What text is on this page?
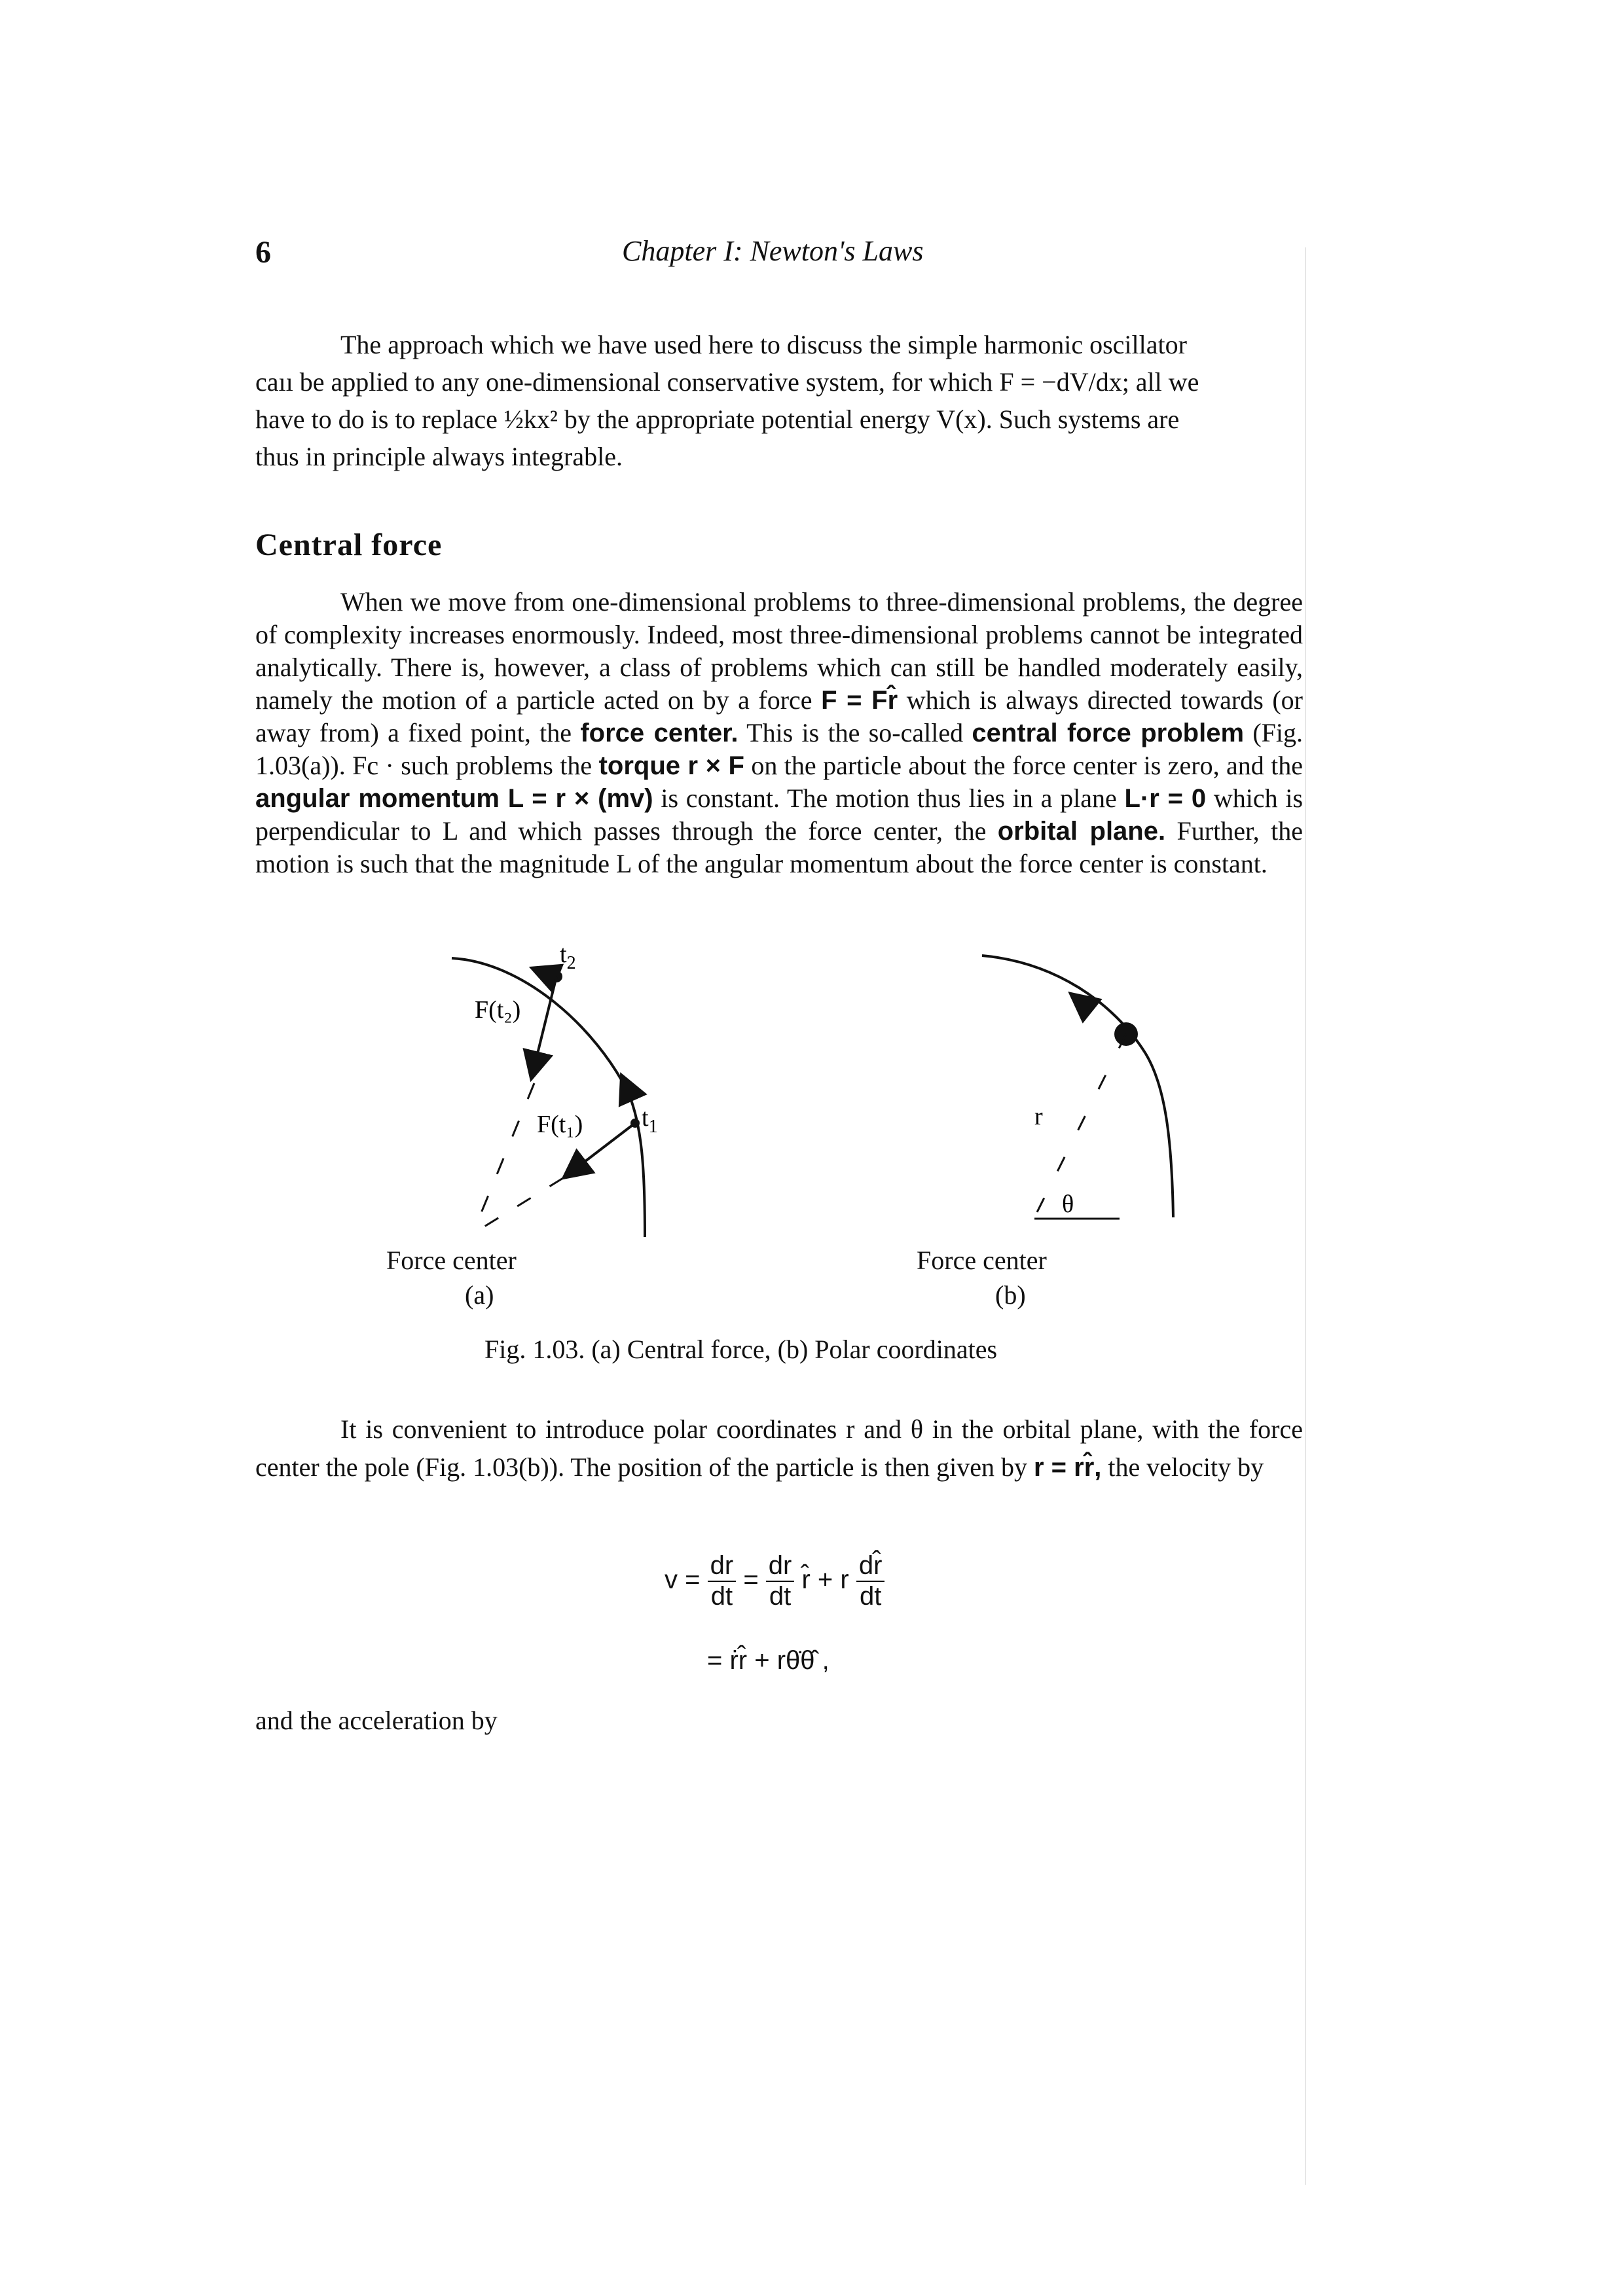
6	Chapter I: Newton's Laws
The approach which we have used here to discuss the simple harmonic oscillator
caıı be applied to any one-dimensional conservative system, for which F = −dV/dx; all we
have to do is to replace ½kx² by the appropriate potential energy V(x). Such systems are
thus in principle always integrable.
Central force

When we move from one-dimensional problems to three-dimensional problems, the degree of complexity increases enormously. Indeed, most three-dimensional problems cannot be integrated analytically. There is, however, a class of problems which can still be handled moderately easily, namely the motion of a particle acted on by a force F = Fr̂ which is always directed towards (or away from) a fixed point, the force center. This is the so-called central force problem (Fig. 1.03(a)). Fc · such problems the torque r × F on the particle about the force center is zero, and the angular momentum L = r × (mv) is constant. The motion thus lies in a plane L·r = 0 which is perpendicular to L and which passes through the force center, the orbital plane. Further, the motion is such that the magnitude L of the angular momentum about the force center is constant.

$t_2$
F(t₂)
F(t₁) $t_1$
Force center
(a)
r
θ
Force center
(b)
Fig. 1.03. (a) Central force, (b) Polar coordinates

It is convenient to introduce polar coordinates r and θ in the orbital plane, with the force center the pole (Fig. 1.03(b)). The position of the particle is then given by r = rr̂, the velocity by

$v = \frac{dr}{dt} = \frac{dr}{dt}$ r̂ + r $\frac{dr̂}{dt}$
= ṙr̂ + rθ̇θ̂ ,
and the acceleration by
